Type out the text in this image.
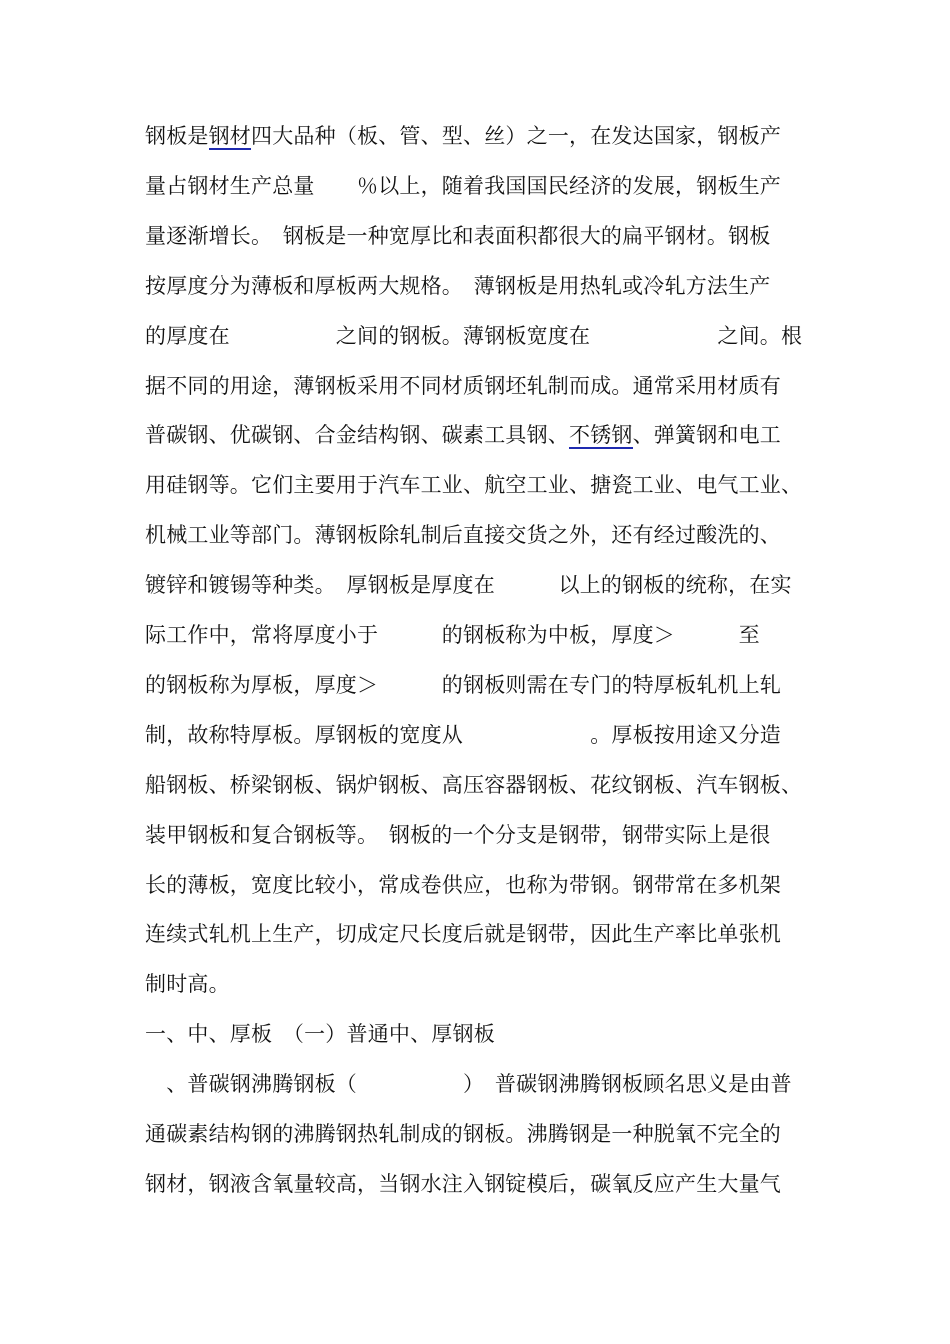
钢板是钢材四大品种（板、管、型、丝）之一，在发达国家，钢板产
量占钢材生产总量　　％以上，随着我国国民经济的发展，钢板生产
量逐渐增长。　钢板是一种宽厚比和表面积都很大的扁平钢材。钢板
按厚度分为薄板和厚板两大规格。　薄钢板是用热轧或冷轧方法生产
的厚度在　　　　　之间的钢板。薄钢板宽度在　　　　　　之间。根
据不同的用途，薄钢板采用不同材质钢坯轧制而成。通常采用材质有
普碳钢、优碳钢、合金结构钢、碳素工具钢、不锈钢、弹簧钢和电工
用硅钢等。它们主要用于汽车工业、航空工业、搪瓷工业、电气工业、
机械工业等部门。薄钢板除轧制后直接交货之外，还有经过酸洗的、
镀锌和镀锡等种类。　厚钢板是厚度在　　　以上的钢板的统称，在实
际工作中，常将厚度小于　　　的钢板称为中板，厚度＞　　　至
的钢板称为厚板，厚度＞　　　的钢板则需在专门的特厚板轧机上轧
制，故称特厚板。厚钢板的宽度从　　　　　　。厚板按用途又分造
船钢板、桥梁钢板、锅炉钢板、高压容器钢板、花纹钢板、汽车钢板、
装甲钢板和复合钢板等。　钢板的一个分支是钢带，钢带实际上是很
长的薄板，宽度比较小，常成卷供应，也称为带钢。钢带常在多机架
连续式轧机上生产，切成定尺长度后就是钢带，因此生产率比单张机
制时高。
一、中、厚板　（一）普通中、厚钢板
　、普碳钢沸腾钢板（　　　　　）　普碳钢沸腾钢板顾名思义是由普
通碳素结构钢的沸腾钢热轧制成的钢板。沸腾钢是一种脱氧不完全的
钢材，钢液含氧量较高，当钢水注入钢锭模后，碳氧反应产生大量气
